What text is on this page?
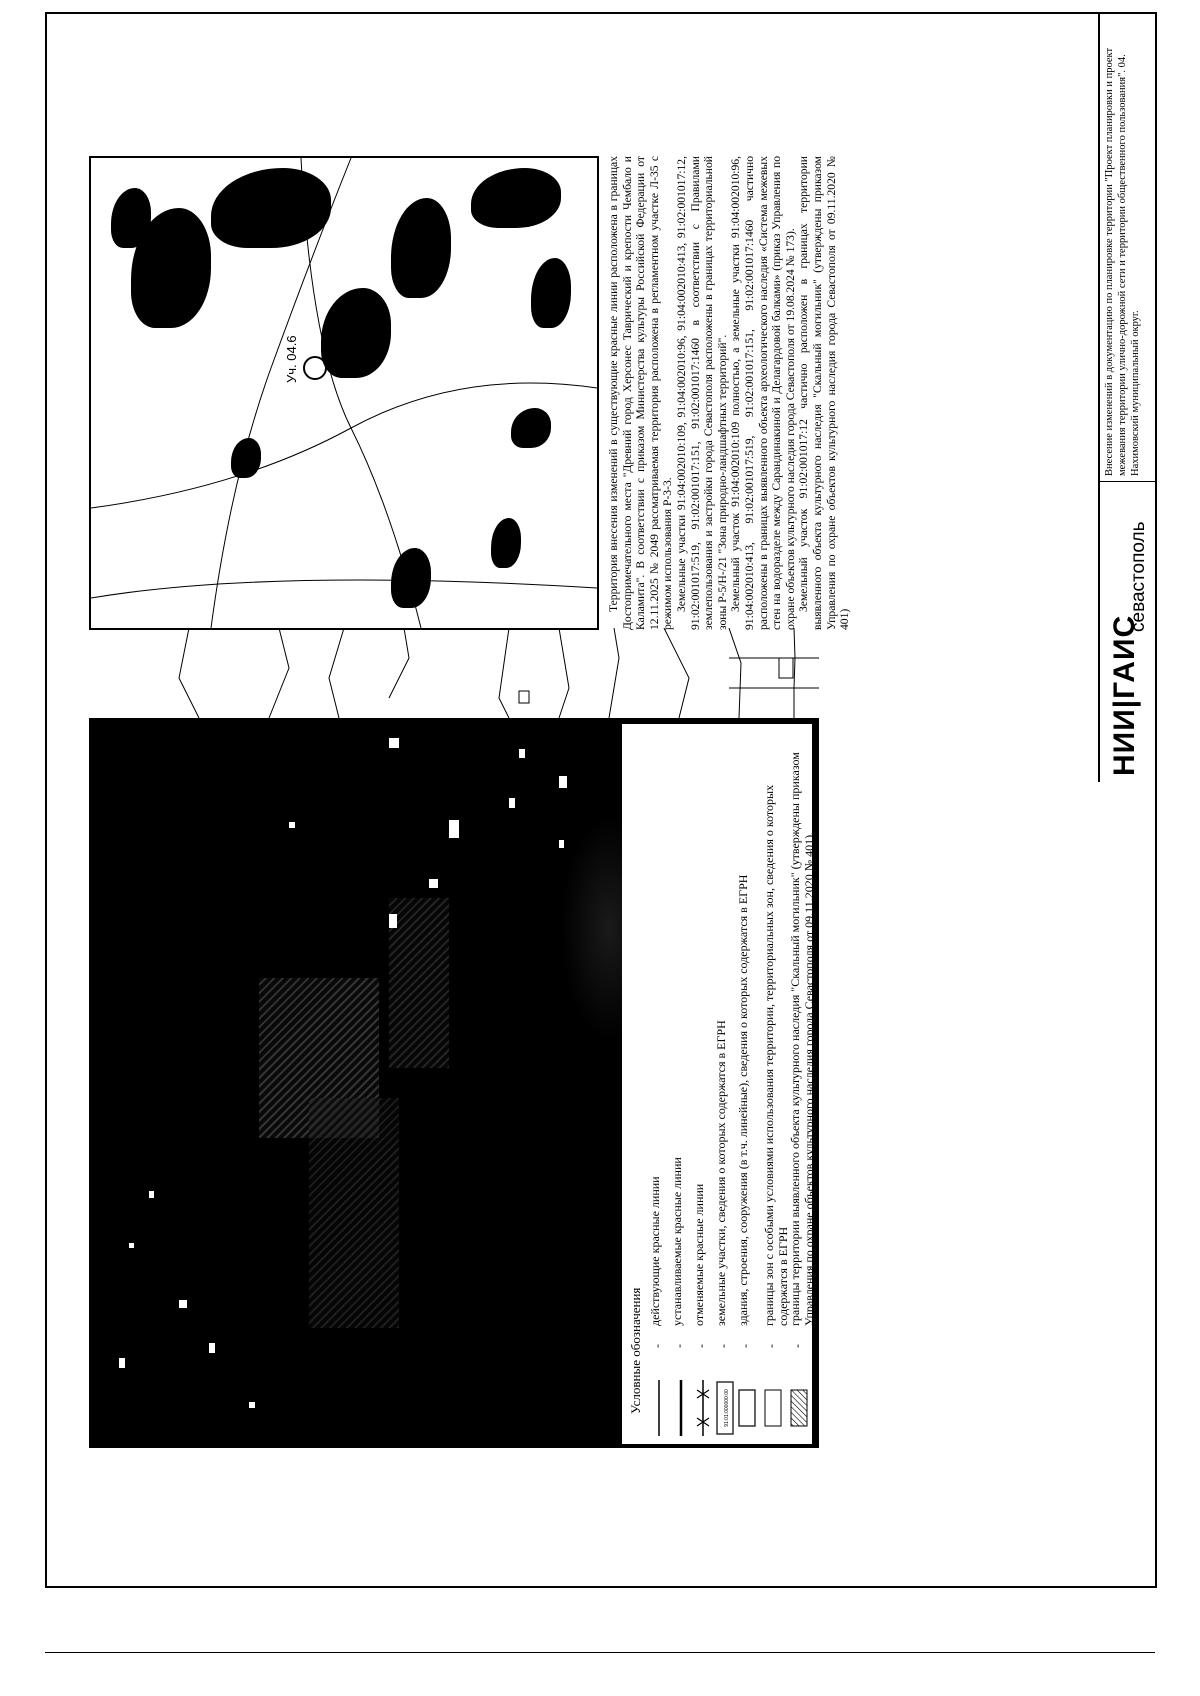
Условные обозначения -
действующие красные линии
-
устанавливаемые красные линии
-
отменяемые красные линии
91:01:000000:00
-
земельные участки, сведения о которых содержатся в ЕГРН
-
здания, строения, сооружения (в т.ч. линейные), сведения о которых содержатся в ЕГРН
-
границы зон с особыми условиями использования территории, территориальных зон, сведения о которых содержатся в ЕГРН
-
границы территории выявленного объекта культурного наследия "Скальный могильник" (утверждены приказом Управления по охране объектов культурного наследия города Севастополя от 09.11.2020 № 401).
Уч. 04.6	Территория внесения изменений в существующие красные линии расположена в границах Достопримечательного места "Древний город Херсонес Таврический и крепости Чембало и Каламита". В соответствии с приказом Министерства культуры Российской Федерации от 12.11.2025 № 2049 рассматриваемая территория расположена в регламентном участке Л-35 с режимом использования Р-3-3. Земельные участки 91:04:002010:109, 91:04:002010:96, 91:04:002010:413, 91:02:001017:12, 91:02:001017:519, 91:02:001017:151, 91:02:001017:1460 в соответствии с Правилами землепользования и застройки города Севастополя расположены в границах территориальной зоны Р-5/Н-/21 "Зона природно-ландшафтных территорий". Земельный участок 91:04:002010:109 полностью, а земельные участки 91:04:002010:96, 91:04:002010:413, 91:02:001017:519, 91:02:001017:151, 91:02:001017:1460 частично расположены в границах выявленного объекта археологического наследия «Система межевых стен на водоразделе между Сарандинакиной и Делагардовой балками» (приказ Управления по охране объектов культурного наследия города Севастополя от 19.08.2024 № 173). Земельный участок 91:02:001017:12 частично расположен в границах территории выявленного объекта культурного наследия "Скальный могильник" (утверждены приказом Управления по охране объектов культурного наследия города Севастополя от 09.11.2020 № 401)	НИИ|ГАИС
севастополь
Внесение изменений в документацию по планировке территории "Проект планировки и проект межевания территории улично-дорожной сети и территории общественного пользования". 04. Нахимовский муниципальный округ.
